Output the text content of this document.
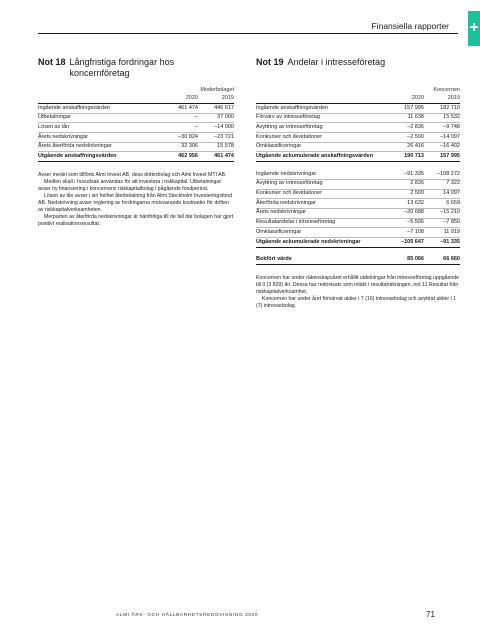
Finansiella rapporter
Not 18 Långfristiga fordringar hos
koncernföretag
Moderbolaget
2020	2019
Ingående anskaffningsvärden	461 474	446 617
Utbetalningar	–	37 000
Lösen av lån	–	–14 000
Årets nedskrivningar	–30 824	–23 721
Årets återförda nedskrivningar	32 306	15 578
Utgående anskaffningsvärden	462 956	461 474

Avser medel som tillförts Almi Invest AB, dess dotterbolag och Almi Invest MTI AB.

Medlen skall i huvudsak användas för att investera i riskkapital. Utbetalningar avser ny finansiering i koncernens riskkapitalbolag i pågående fondperiod.

Lösen av lån avser i sin helhet återbetalning från Almi Stockholm Investeringsfond AB. Nedskrivning avser reglering av fordringarna motsvarande kostnader för driften av riskkapitalverksamheten.

Merparten av återförda nedskrivningar är hänförliga till de fall där bolagen har gjort positivt realisationsresultat.

Not 19 Andelar i intresseföretag
Koncernen
2020	2019
Ingående anskaffningsvärden	157 995	182 710
Förvärv av intresseföretag	11 638	15 532
Avyttring av intresseföretag	–2 836	–9 748
Konkurser och likvidationer	–2 500	–14 097
Omklassificeringar	26 416	–16 402
Utgående ackumulerade anskaffningsvärden	190 713	157 995
Ingående nedskrivningar	–91 335	–108 272
Avyttring av intresseföretag	2 836	7 322
Konkurser och likvidationer	2 500	14 097
Återförda nedskrivningar	13 632	6 659
Årets nedskrivningar	–20 688	–15 210
Resultatandelar i intresseföretag	–5 506	–7 850
Omklassificeringar	–7 108	11 919
Utgående ackumulerade nedskrivningar	–105 647	–91 335
Bokfört värde	85 066	66 660

Koncernen har under räkenskapsåret erhållit utdelningar från intresseföretag uppgående till 0 (3 829) tkr. Dessa har redovisats som intäkt i resultaträkningen, not 11 Resultat från riskkapitalverksamhet.

Koncernen har under året förvärvat aktier i 7 (16) intressebolag och avyttrat aktier i 1 (7) intressebolag.

ALMI ÅRS- OCH HÅLLBARHETSREDOVISNING 2020	71
